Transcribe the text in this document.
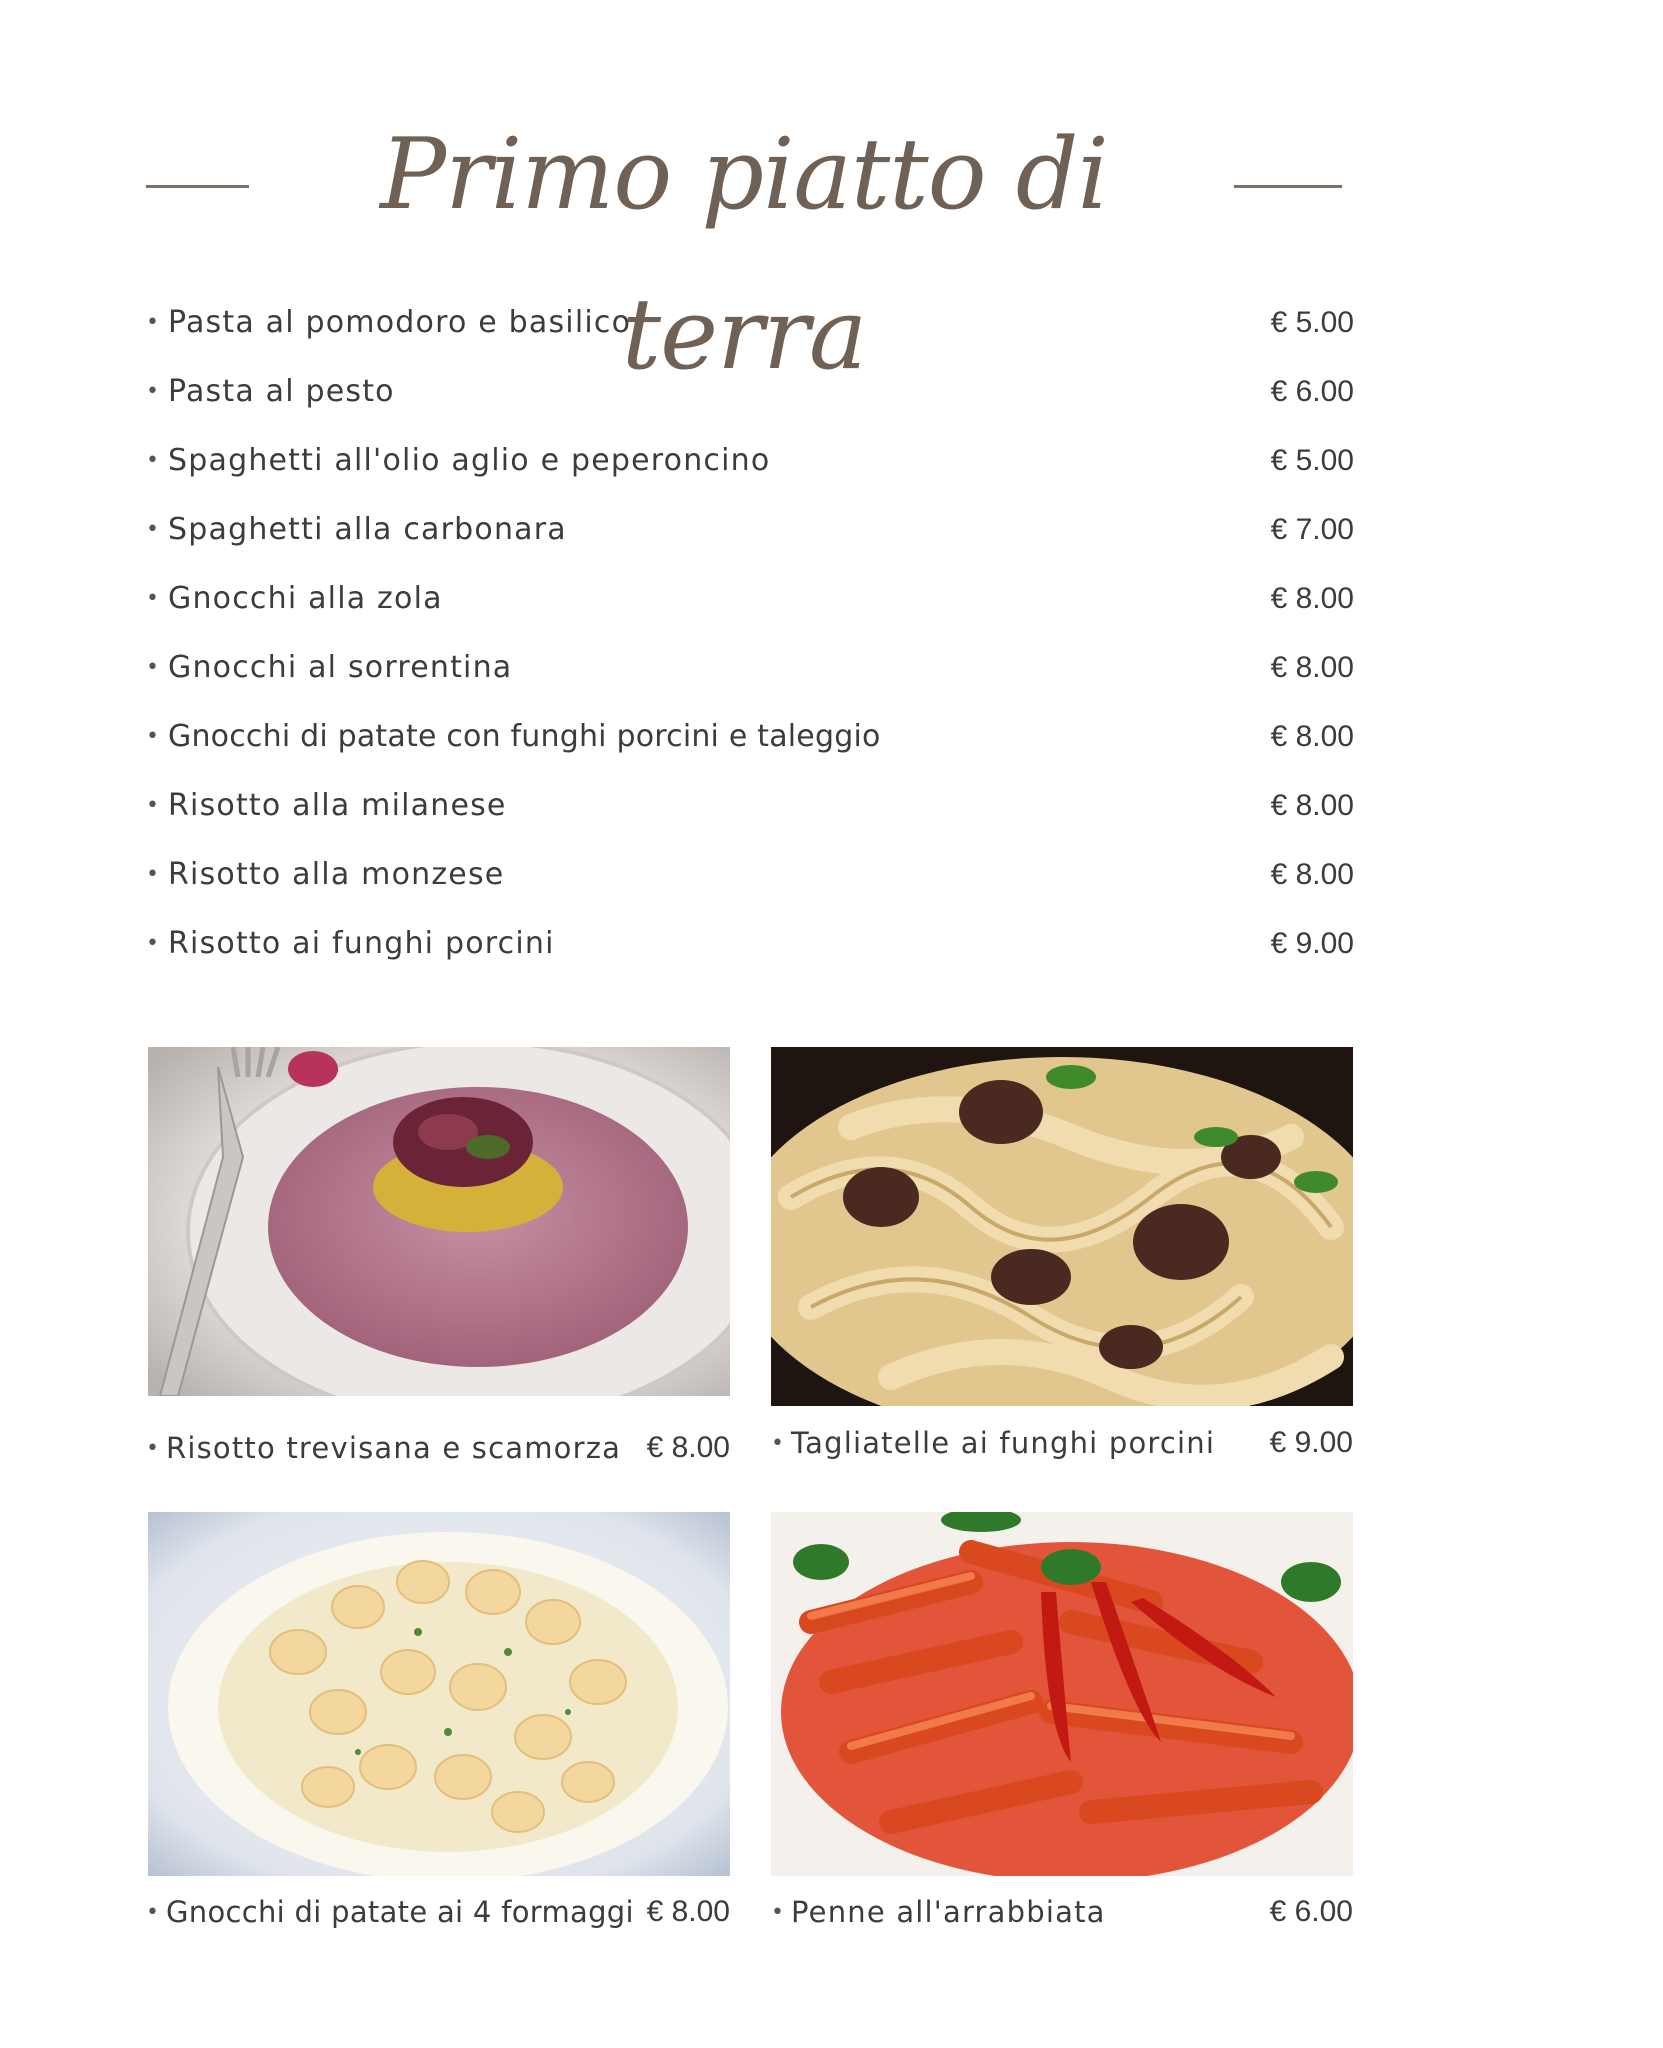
Primo piatto di terra
• Pasta al pomodoro e basilico	€ 5.00
• Pasta al pesto	€ 6.00
• Spaghetti all'olio aglio e peperoncino	€ 5.00
• Spaghetti alla carbonara	€ 7.00
• Gnocchi alla zola	€ 8.00
• Gnocchi al sorrentina	€ 8.00
• Gnocchi di patate con funghi porcini e taleggio	€ 8.00
• Risotto alla milanese	€ 8.00
• Risotto alla monzese	€ 8.00
• Risotto ai funghi porcini	€ 9.00
• Risotto trevisana e scamorza € 8.00 • Tagliatelle ai funghi porcini € 9.00
• Gnocchi di patate ai 4 formaggi € 8.00 • Penne all'arrabbiata	€ 6.00
